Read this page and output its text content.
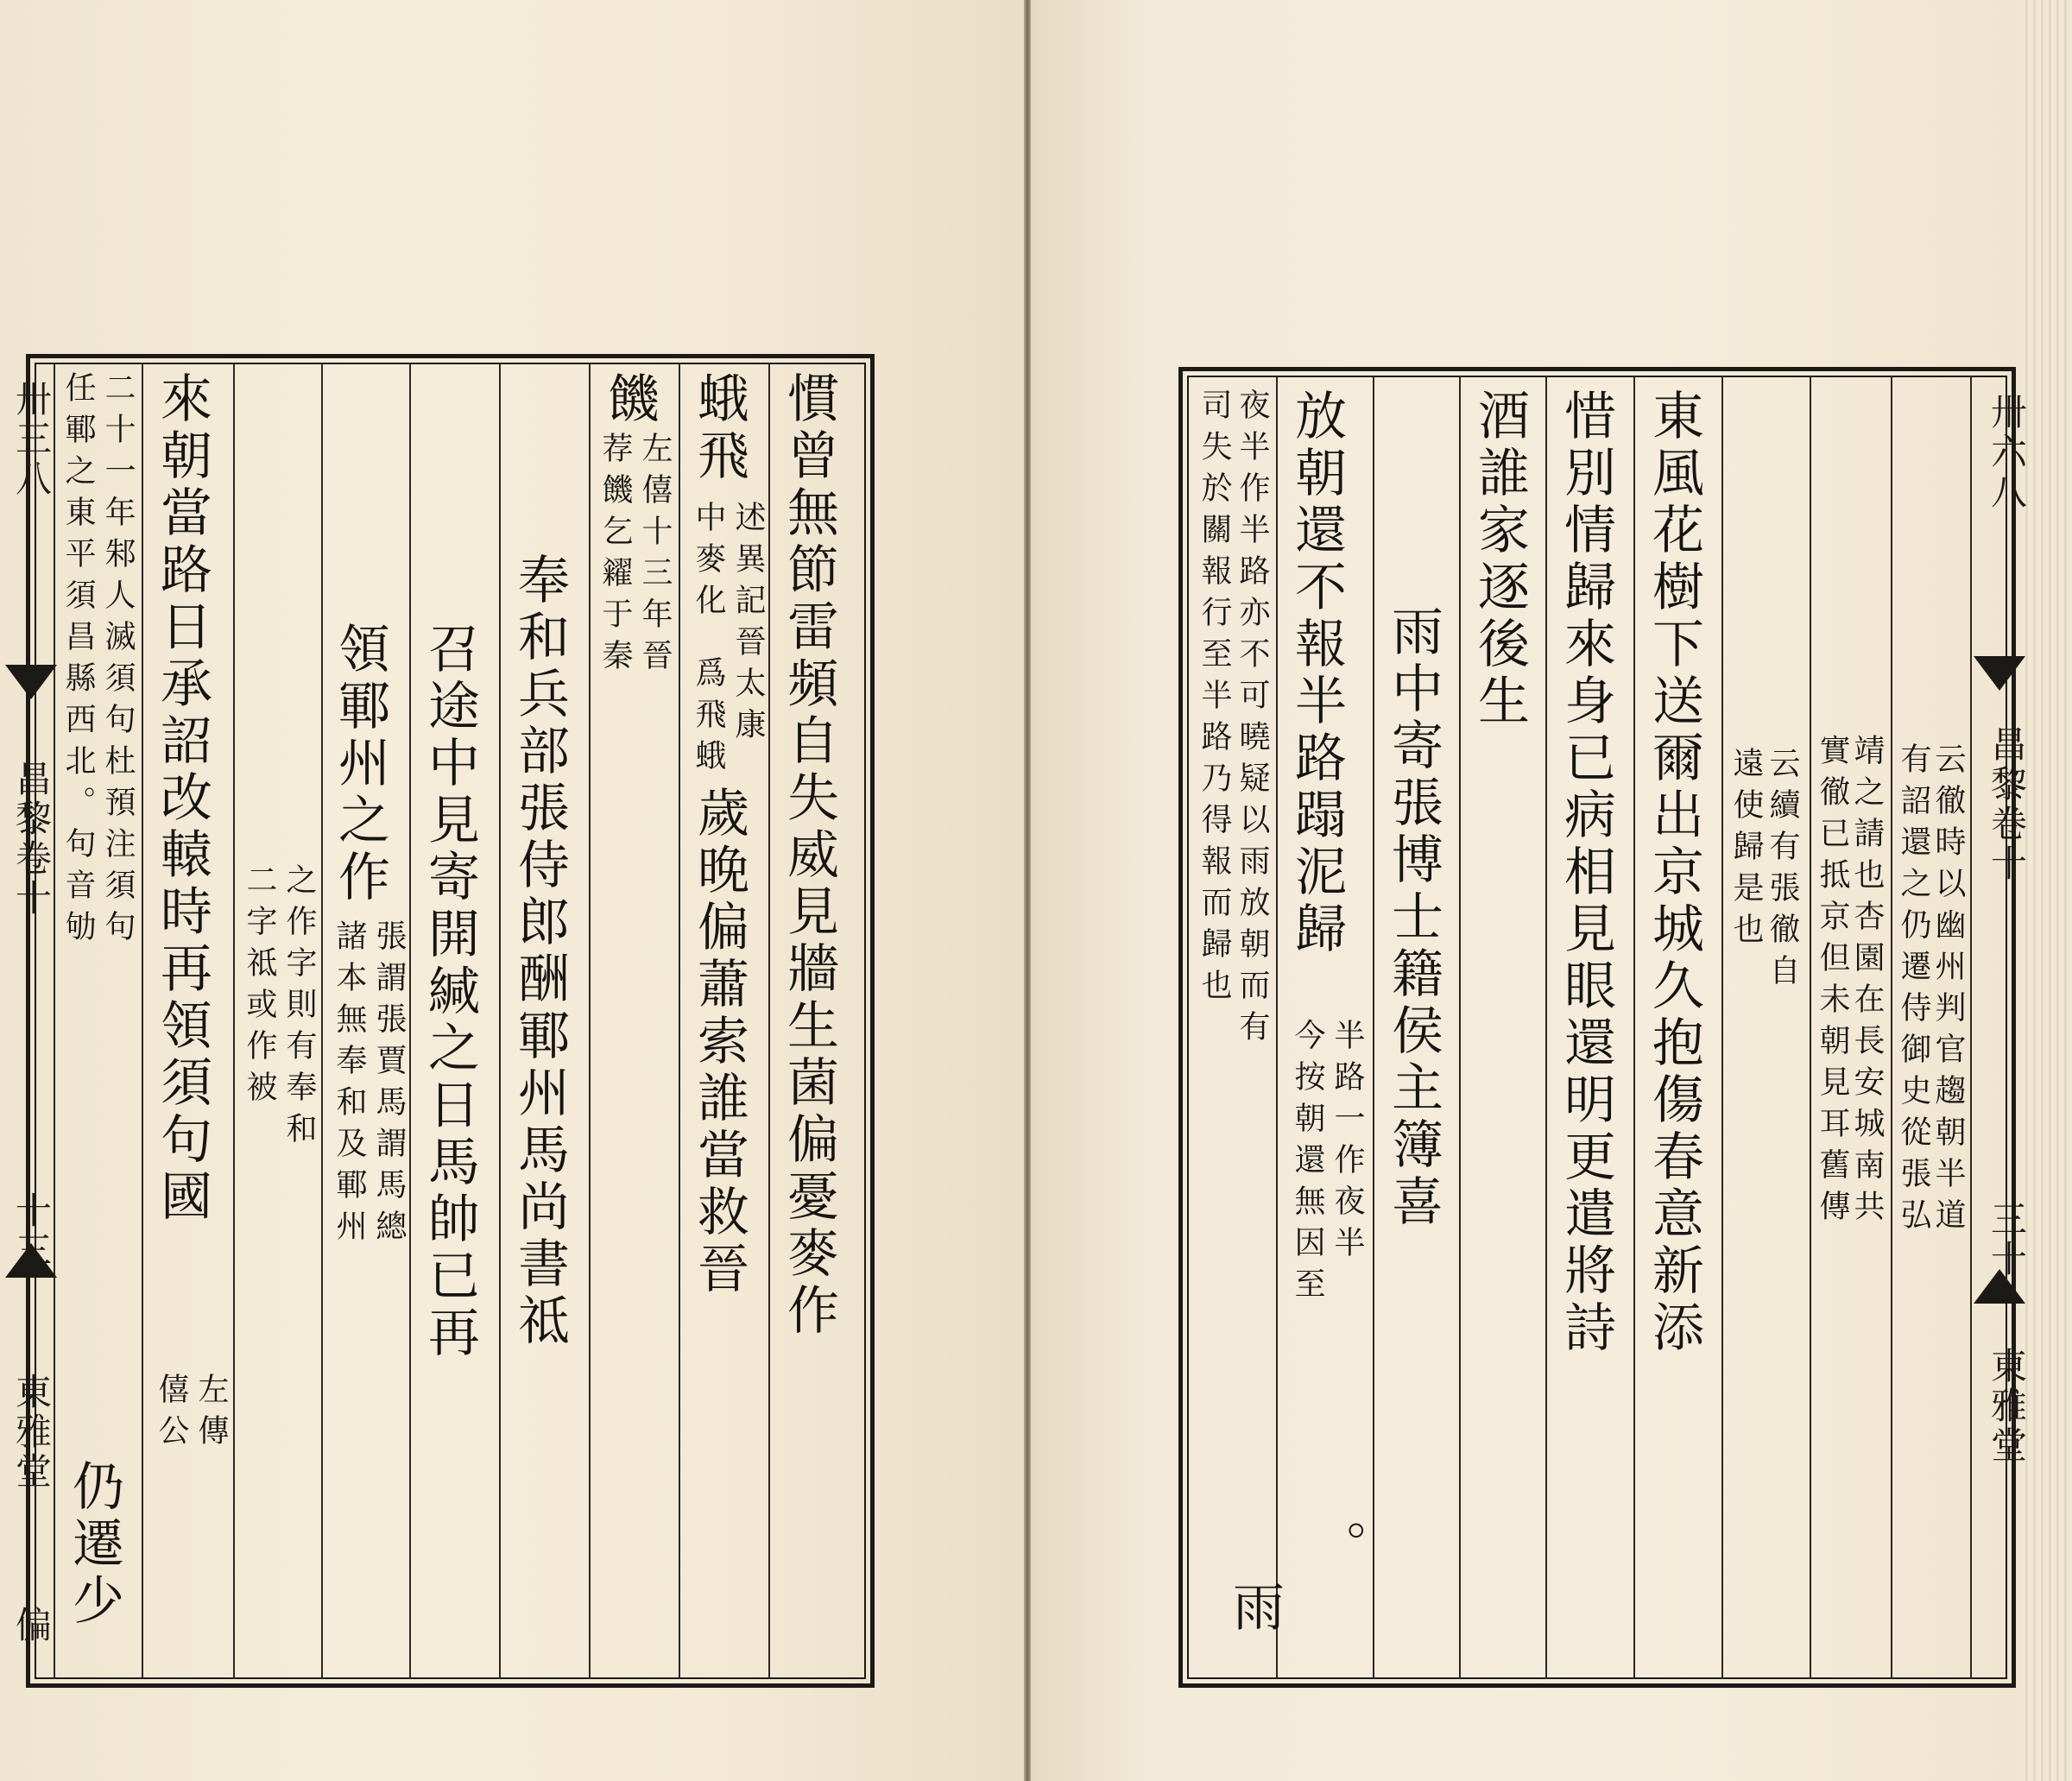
卅三八
昌黎卷十
十三
東雅堂
偏
慣曾無節雷頻自失威見牆生菌偏憂麥作
蛾飛
述異記晉太康
中麥化
爲飛蛾
歲晚偏蕭索誰當救晉
饑
左僖十三年晉
荐饑乞糴于秦
奉和兵部張侍郎酬鄆州馬尚書祗
召途中見寄開緘之日馬帥已再
領鄆州之作
張謂張賈馬謂馬總
諸本無奉和及鄆州
之作字則有奉和
二字祗或作被
來朝當路日承詔改轅時再領須句國
左傳
僖公
二十一年邾人滅須句杜預注須句
任鄆之東平須昌縣西北。句音劬
仍遷少
卅六八
昌黎卷十
三十
東雅堂
云徹時以幽州判官趨朝半道
有詔還之仍遷侍御史從張弘
靖之請也杏園在長安城南共
實徹已抵京但未朝見耳舊傳
云續有張徹自
遠使歸是也
東風花樹下送爾出京城久抱傷春意新添
惜別情歸來身已病相見眼還明更遣將詩
酒誰家逐後生
雨中寄張博士籍侯主簿喜
放朝還不報半路蹋泥歸
半路一作夜半
今按朝還無因至
。
夜半作半路亦不可曉疑以雨放朝而有
司失於關報行至半路乃得報而歸也
雨
